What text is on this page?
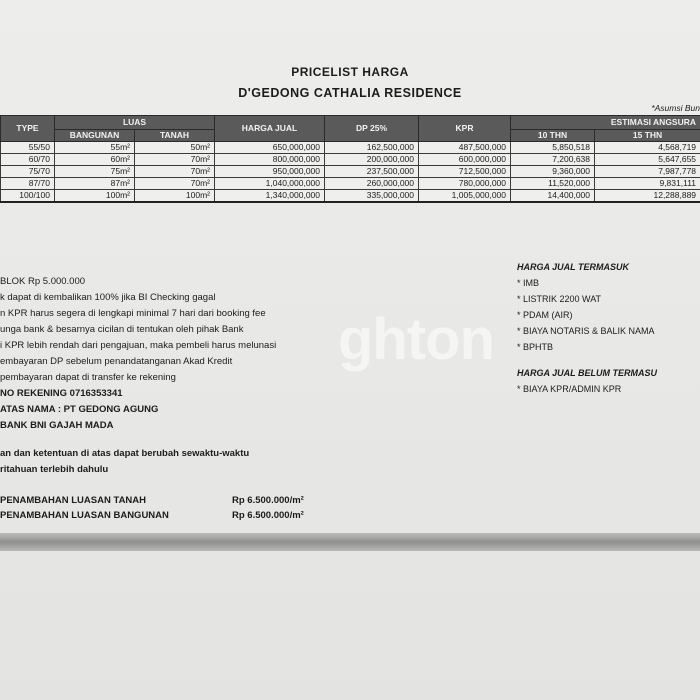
PRICELIST HARGA
D'GEDONG CATHALIA RESIDENCE
*Asumsi Bun
TYPE	LUAS		HARGA JUAL	DP 25%	KPR	ESTIMASI ANGSURA	
	BANGUNAN	TANAH				10 THN	15 THN
55/50	55m²	50m²	650,000,000	162,500,000	487,500,000	5,850,518	4,568,719
60/70	60m²	70m²	800,000,000	200,000,000	600,000,000	7,200,638	5,647,655
75/70	75m²	70m²	950,000,000	237,500,000	712,500,000	9,360,000	7,987,778
87/70	87m²	70m²	1,040,000,000	260,000,000	780,000,000	11,520,000	9,831,111
100/100	100m²	100m²	1,340,000,000	335,000,000	1,005,000,000	14,400,000	12,288,889
ghton
BLOK Rp 5.000.000
k dapat di kembalikan 100% jika BI Checking gagal
n KPR harus segera di lengkapi minimal 7 hari dari booking fee
unga bank & besarnya cicilan di tentukan oleh pihak Bank
i KPR lebih rendah dari pengajuan, maka pembeli harus melunasi
embayaran DP sebelum penandatanganan Akad Kredit
pembayaran dapat di transfer ke rekening
NO REKENING 0716353341
ATAS NAMA : PT GEDONG AGUNG
BANK BNI GAJAH MADA
an dan ketentuan di atas dapat berubah sewaktu-waktu
ritahuan terlebih dahulu
HARGA JUAL TERMASUK
* IMB
* LISTRIK 2200 WAT
* PDAM (AIR)
* BIAYA NOTARIS & BALIK NAMA
* BPHTB
HARGA JUAL BELUM TERMASU
* BIAYA KPR/ADMIN KPR
PENAMBAHAN LUASAN TANAH	Rp 6.500.000/m²
PENAMBAHAN LUASAN BANGUNAN	Rp 6.500.000/m²
